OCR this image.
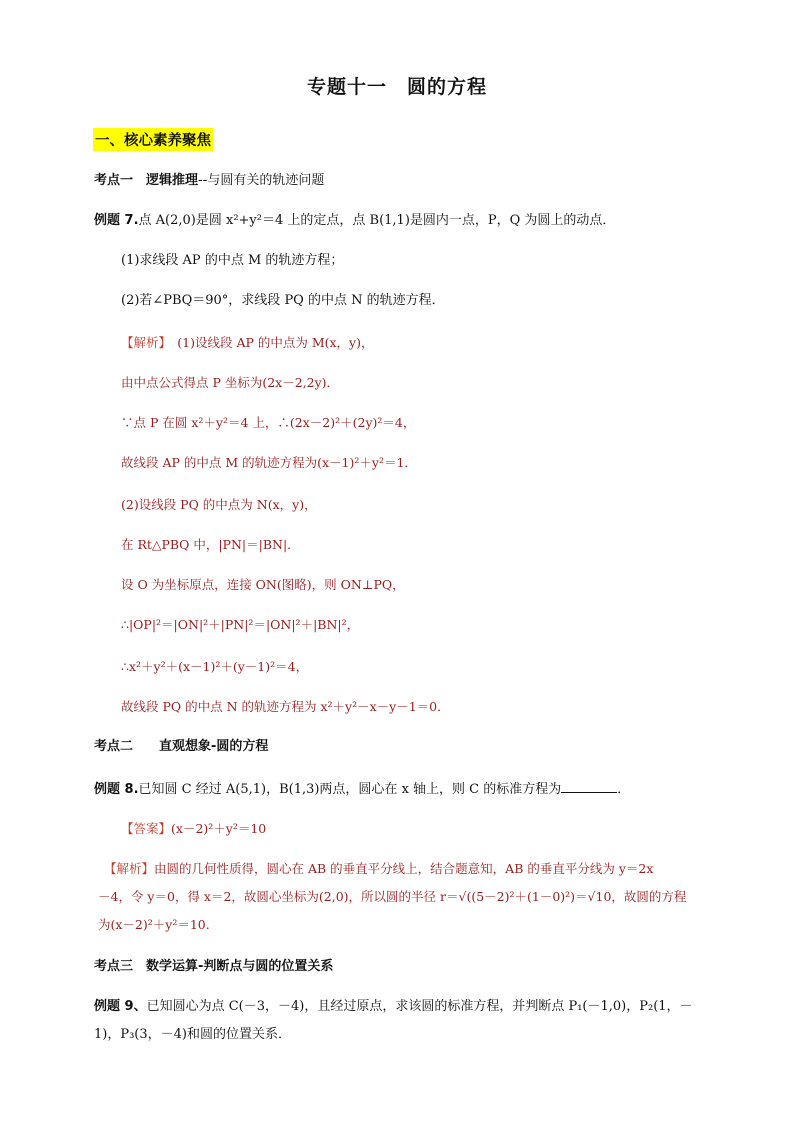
专题十一　圆的方程
一、核心素养聚焦
考点一　逻辑推理--与圆有关的轨迹问题
例题 7.点 A(2,0)是圆 x²+y²＝4 上的定点，点 B(1,1)是圆内一点，P，Q 为圆上的动点．
(1)求线段 AP 的中点 M 的轨迹方程；
(2)若∠PBQ＝90°，求线段 PQ 的中点 N 的轨迹方程．
【解析】　(1)设线段 AP 的中点为 M(x，y)，
由中点公式得点 P 坐标为(2x－2,2y)．
∵点 P 在圆 x²＋y²＝4 上，∴(2x－2)²＋(2y)²＝4，
故线段 AP 的中点 M 的轨迹方程为(x－1)²＋y²＝1．
(2)设线段 PQ 的中点为 N(x，y)，
在 Rt△PBQ 中，|PN|＝|BN|．
设 O 为坐标原点，连接 ON(图略)，则 ON⊥PQ，
∴|OP|²＝|ON|²＋|PN|²＝|ON|²＋|BN|²，
∴x²＋y²＋(x－1)²＋(y－1)²＝4，
故线段 PQ 的中点 N 的轨迹方程为 x²＋y²－x－y－1＝0．
考点二　　直观想象-圆的方程
例题 8.已知圆 C 经过 A(5,1)，B(1,3)两点，圆心在 x 轴上，则 C 的标准方程为	．
【答案】(x－2)²＋y²＝10
【解析】由圆的几何性质得，圆心在 AB 的垂直平分线上，结合题意知，AB 的垂直平分线为 y＝2x
－4，令 y＝0，得 x＝2，故圆心坐标为(2,0)，所以圆的半径 r＝√((5－2)²＋(1－0)²)＝√10，故圆的方程
为(x－2)²＋y²＝10.
考点三　数学运算-判断点与圆的位置关系
例题 9、已知圆心为点 C(－3，－4)，且经过原点，求该圆的标准方程，并判断点 P₁(－1,0)，P₂(1，－
1)，P₃(3，－4)和圆的位置关系．
